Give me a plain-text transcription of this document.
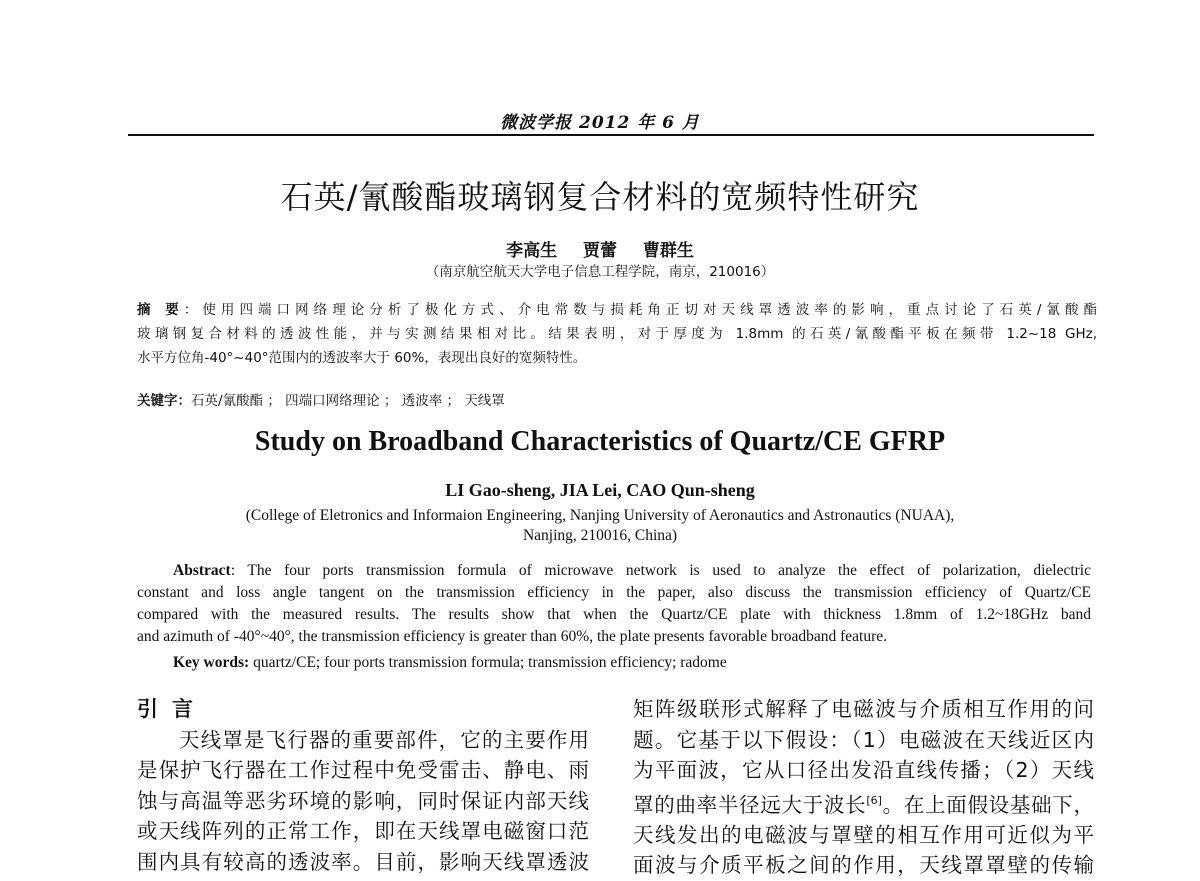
微波学报 2012 年 6 月
石英/氰酸酯玻璃钢复合材料的宽频特性研究
李高生 贾蕾 曹群生
（南京航空航天大学电子信息工程学院，南京，210016）
摘 要：使用四端口网络理论分析了极化方式、介电常数与损耗角正切对天线罩透波率的影响，重点讨论了石英/氰酸酯
玻璃钢复合材料的透波性能，并与实测结果相对比。结果表明，对于厚度为 1.8mm 的石英/氰酸酯平板在频带 1.2~18 GHz,
水平方位角-40°~40°范围内的透波率大于 60%，表现出良好的宽频特性。
关键字：石英/氰酸酯 ； 四端口网络理论 ； 透波率 ； 天线罩
Study on Broadband Characteristics of Quartz/CE GFRP
LI Gao-sheng, JIA Lei, CAO Qun-sheng
(College of Eletronics and Informaion Engineering, Nanjing University of Aeronautics and Astronautics (NUAA),
Nanjing, 210016, China)
Abstract: The four ports transmission formula of microwave network is used to analyze the effect of polarization, dielectric
constant and loss angle tangent on the transmission efficiency in the paper, also discuss the transmission efficiency of Quartz/CE
compared with the measured results. The results show that when the Quartz/CE plate with thickness 1.8mm of 1.2~18GHz band
and azimuth of -40°~40°, the transmission efficiency is greater than 60%, the plate presents favorable broadband feature.
Key words: quartz/CE; four ports transmission formula; transmission efficiency; radome
引言
天线罩是飞行器的重要部件，它的主要作用
是保护飞行器在工作过程中免受雷击、静电、雨
蚀与高温等恶劣环境的影响，同时保证内部天线
或天线阵列的正常工作，即在天线罩电磁窗口范
围内具有较高的透波率。目前，影响天线罩透波
矩阵级联形式解释了电磁波与介质相互作用的问
题。它基于以下假设：（1）电磁波在天线近区内
为平面波，它从口径出发沿直线传播；（2）天线
罩的曲率半径远大于波长[6]。在上面假设基础下，
天线发出的电磁波与罩壁的相互作用可近似为平
面波与介质平板之间的作用，天线罩罩壁的传输
